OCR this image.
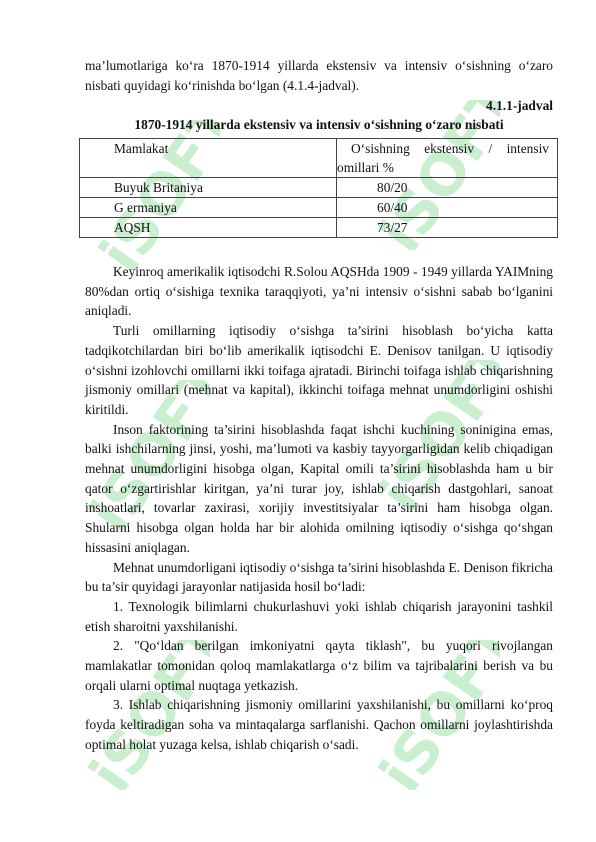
iSOFT iSOFT
iSOFT iSOFT
iSOFT iSOFT

ma’lumotlariga ko‘ra 1870-1914 yillarda ekstensiv va intensiv o‘sishning o‘zaro nisbati quyidagi ko‘rinishda bo‘lgan (4.1.4-jadval).

4.1.1-jadval
1870-1914 yillarda ekstensiv va intensiv o‘sishning o‘zaro nisbati
Mamlakat	O‘sishning ekstensiv / intensiv
omillari %

Buyuk Britaniya	80/20
G ermaniya	60/40
AQSH	73/27

Keyinroq amerikalik iqtisodchi R.Solou AQSHda 1909 - 1949 yillarda YAIMning 80%dan ortiq o‘sishiga texnika taraqqiyoti, ya’ni intensiv o‘sishni sabab bo‘lganini aniqladi.

Turli omillarning iqtisodiy o‘sishga ta’sirini hisoblash bo‘yicha katta tadqikotchilardan biri bo‘lib amerikalik iqtisodchi E. Denisov tanilgan. U iqtisodiy o‘sishni izohlovchi omillarni ikki toifaga ajratadi. Birinchi toifaga ishlab chiqarishning jismoniy omillari (mehnat va kapital), ikkinchi toifaga mehnat unumdorligini oshishi kiritildi.

Inson faktorining ta’sirini hisoblashda faqat ishchi kuchining soninigina emas, balki ishchilarning jinsi, yoshi, ma’lumoti va kasbiy tayyorgarligidan kelib chiqadigan mehnat unumdorligini hisobga olgan, Kapital omili ta’sirini hisoblashda ham u bir qator o‘zgartirishlar kiritgan, ya’ni turar joy, ishlab chiqarish dastgohlari, sanoat inshoatlari, tovarlar zaxirasi, xorijiy investitsiyalar ta’sirini ham hisobga olgan. Shularni hisobga olgan holda har bir alohida omilning iqtisodiy o‘sishga qo‘shgan hissasini aniqlagan.

Mehnat unumdorligani iqtisodiy o‘sishga ta’sirini hisoblashda E. Denison fikricha bu ta’sir quyidagi jarayonlar natijasida hosil bo‘ladi:

1. Texnologik bilimlarni chukurlashuvi yoki ishlab chiqarish jarayonini tashkil etish sharoitni yaxshilanishi.

2. "Qo‘ldan berilgan imkoniyatni qayta tiklash", bu yuqori rivojlangan mamlakatlar tomonidan qoloq mamlakatlarga o‘z bilim va tajribalarini berish va bu orqali ularni optimal nuqtaga yetkazish.

3. Ishlab chiqarishning jismoniy omillarini yaxshilanishi, bu omillarni ko‘proq foyda keltiradigan soha va mintaqalarga sarflanishi. Qachon omillarni joylashtirishda optimal holat yuzaga kelsa, ishlab chiqarish o‘sadi.
